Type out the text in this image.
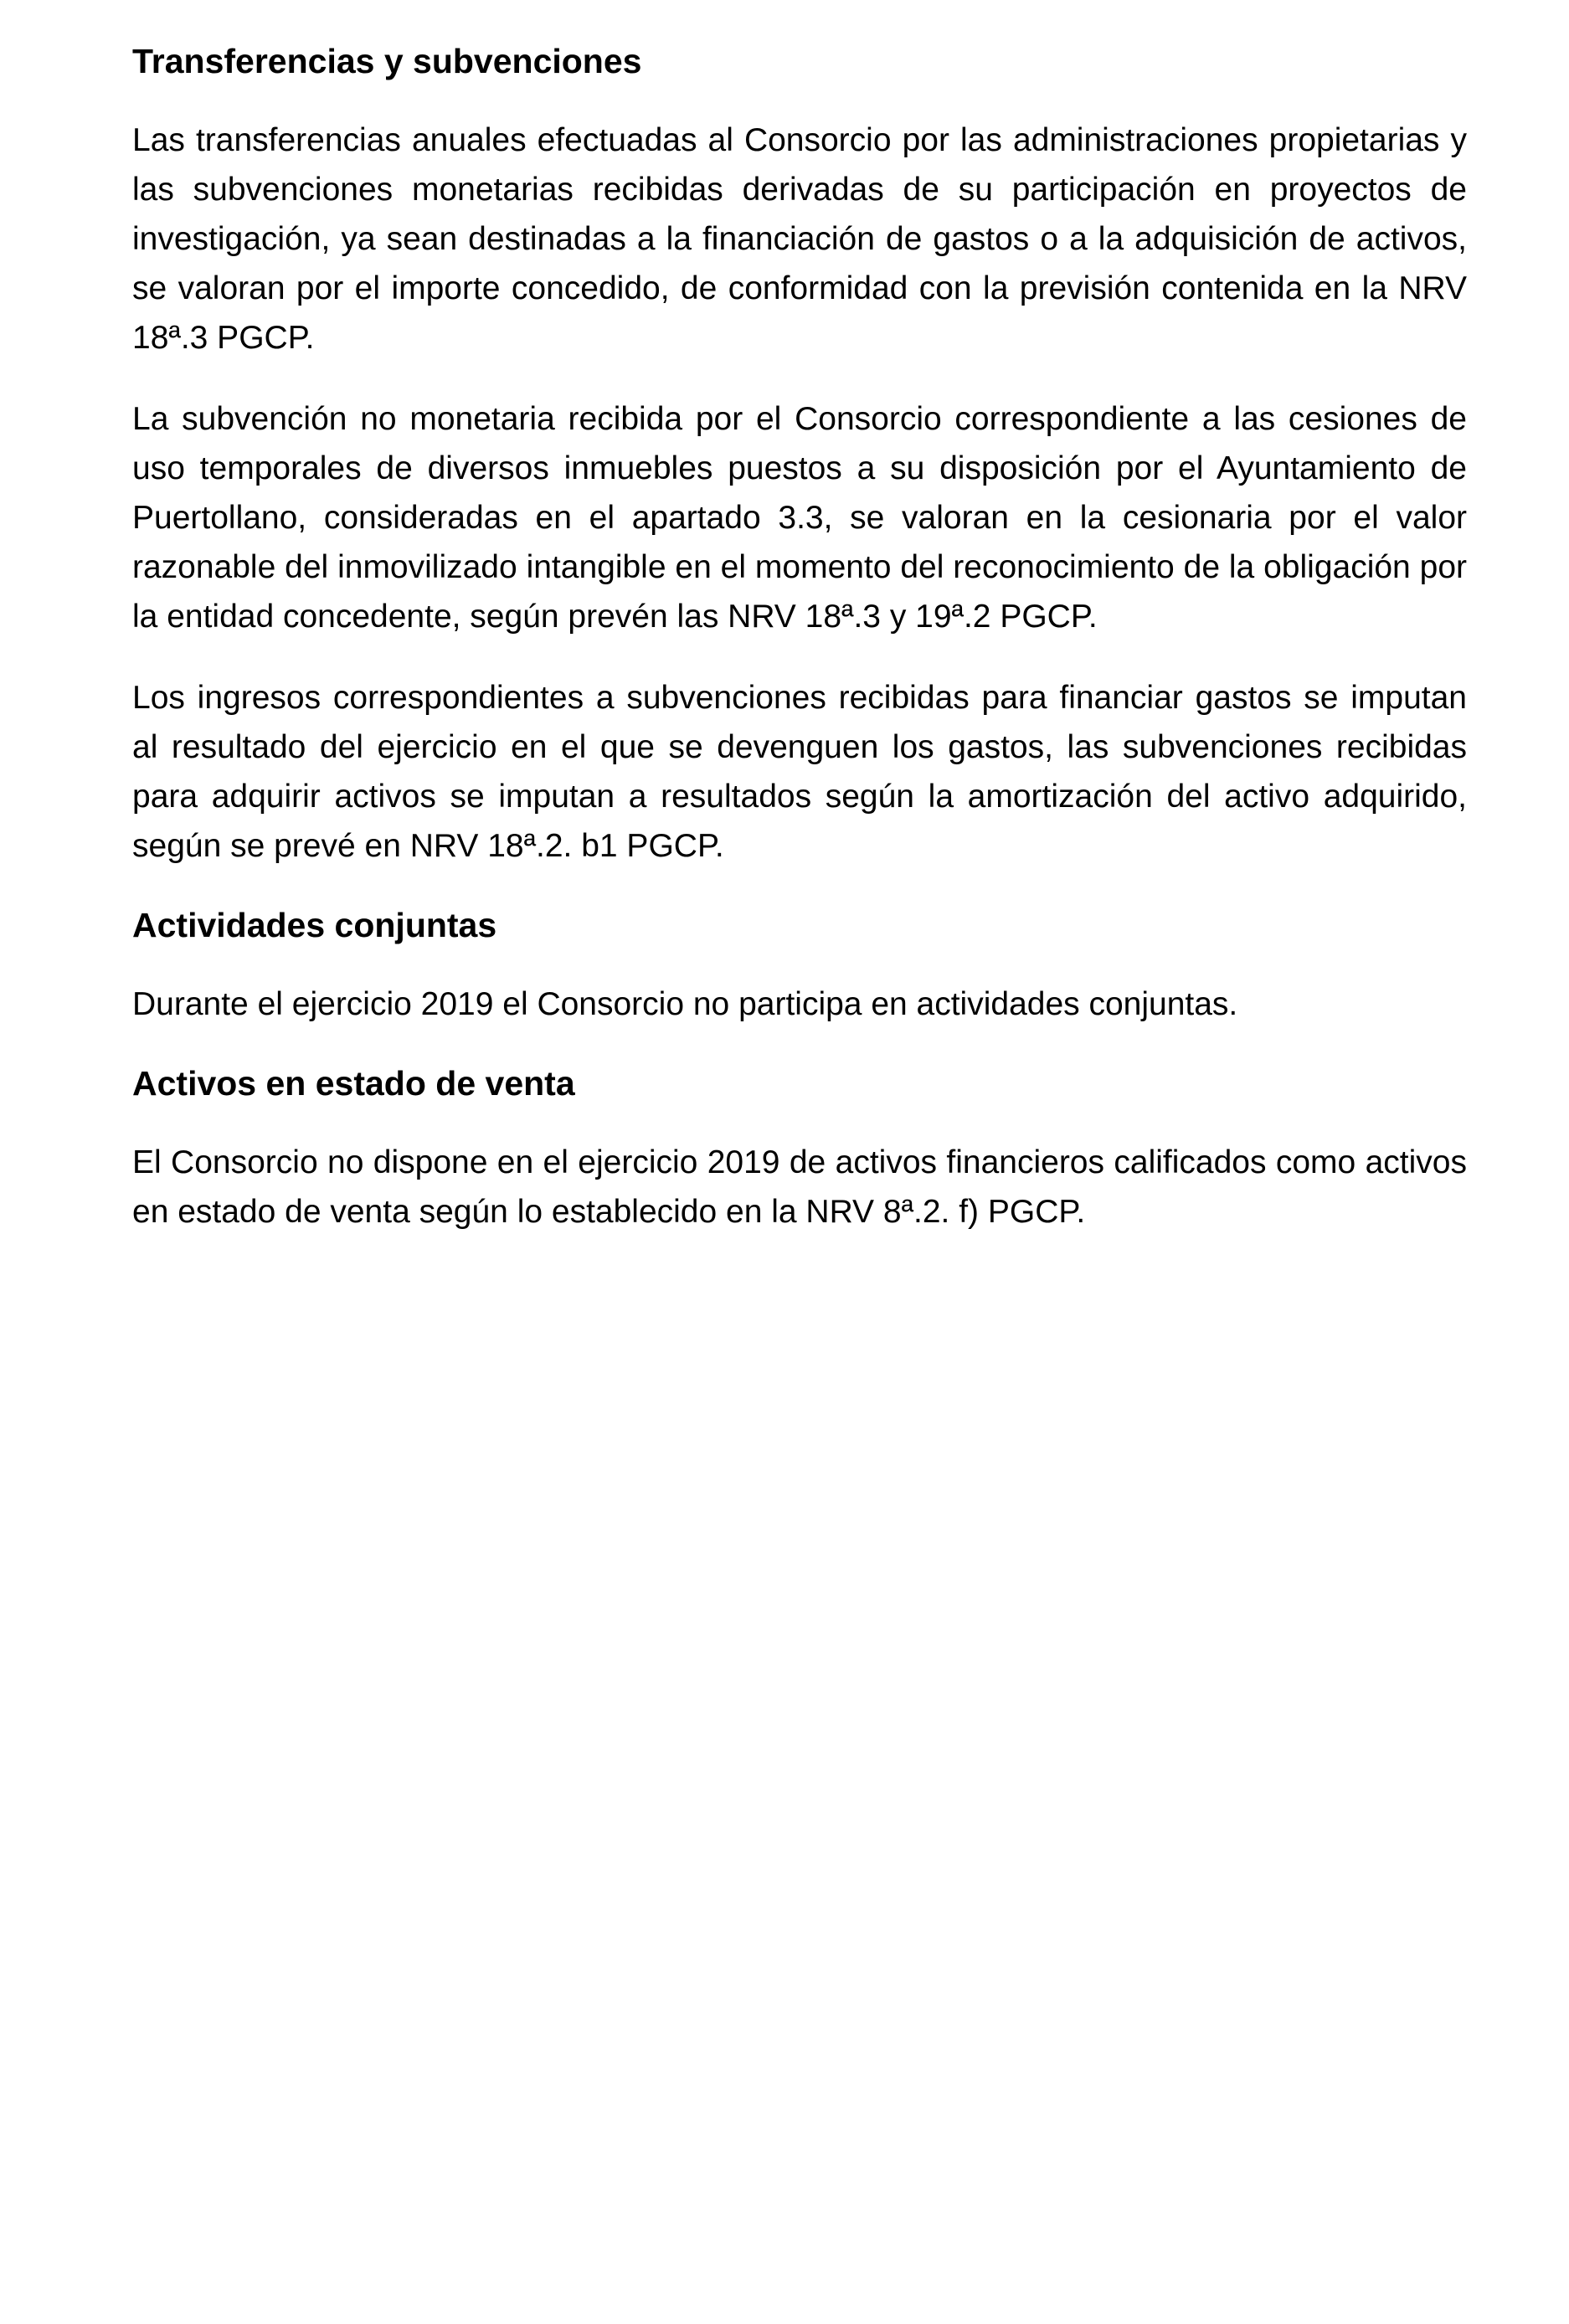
Transferencias y subvenciones

Las transferencias anuales efectuadas al Consorcio por las administraciones propietarias y las subvenciones monetarias recibidas derivadas de su participación en proyectos de investigación, ya sean destinadas a la financiación de gastos o a la adquisición de activos, se valoran por el importe concedido, de conformidad con la previsión contenida en la NRV 18ª.3 PGCP.

La subvención no monetaria recibida por el Consorcio correspondiente a las cesiones de uso temporales de diversos inmuebles puestos a su disposición por el Ayuntamiento de Puertollano, consideradas en el apartado 3.3, se valoran en la cesionaria por el valor razonable del inmovilizado intangible en el momento del reconocimiento de la obligación por la entidad concedente, según prevén las NRV 18ª.3 y 19ª.2 PGCP.

Los ingresos correspondientes a subvenciones recibidas para financiar gastos se imputan al resultado del ejercicio en el que se devenguen los gastos, las subvenciones recibidas para adquirir activos se imputan a resultados según la amortización del activo adquirido, según se prevé en NRV 18ª.2. b1 PGCP.

Actividades conjuntas

Durante el ejercicio 2019 el Consorcio no participa en actividades conjuntas.

Activos en estado de venta

El Consorcio no dispone en el ejercicio 2019 de activos financieros calificados como activos en estado de venta según lo establecido en la NRV 8ª.2. f) PGCP.
